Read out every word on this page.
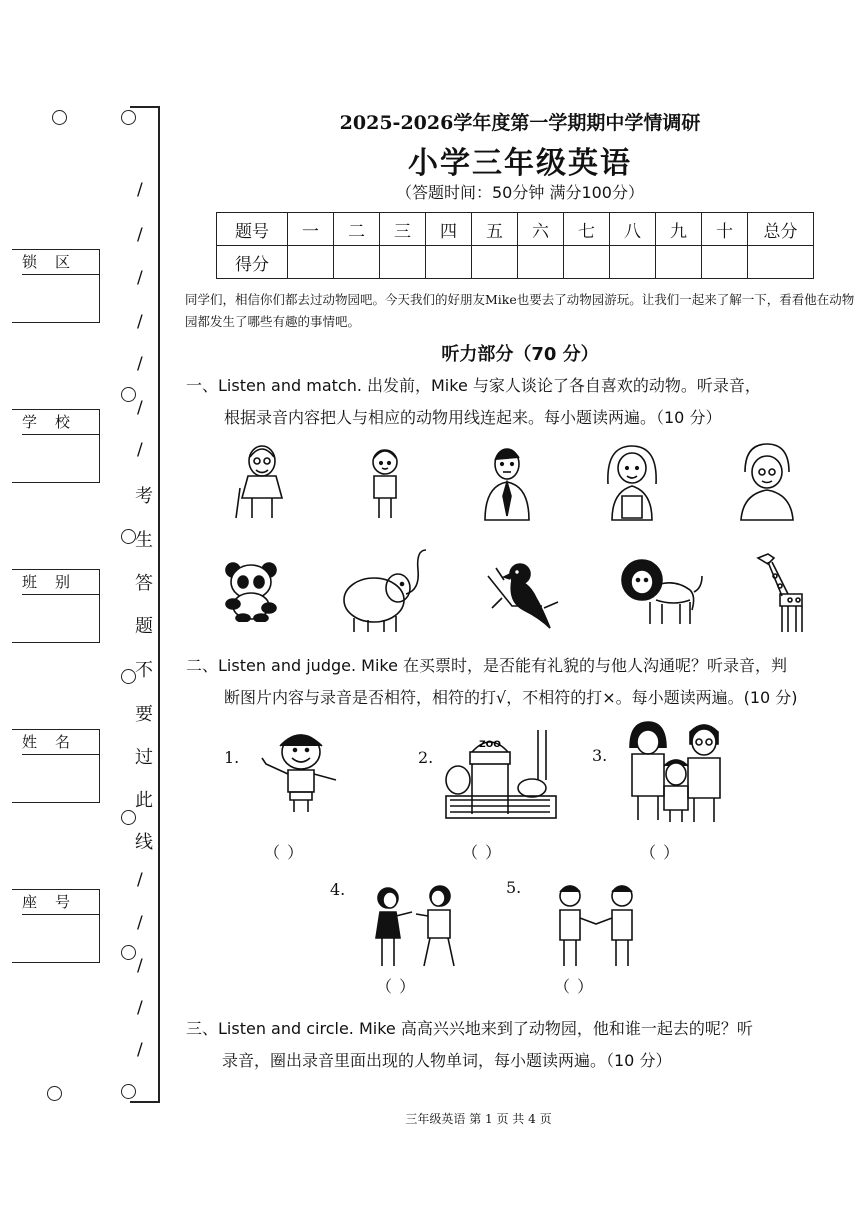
/
/
/
/
/
/
/
考
生
答
题
不
要
过
此
线
/
/
/
/
/
锁区
学校
班别
姓名
座号
2025-2026学年度第一学期期中学情调研
小学三年级英语
（答题时间：50分钟 满分100分）
题号	一	二	三	四	五	六	七	八	九	十	总分
得分											
同学们，相信你们都去过动物园吧。今天我们的好朋友Mike也要去了动物园游玩。让我们一起来了解一下，看看他在动物园都发生了哪些有趣的事情吧。
听力部分（70 分）
一、Listen and match. 出发前，Mike 与家人谈论了各自喜欢的动物。听录音，
根据录音内容把人与相应的动物用线连起来。每小题读两遍。（10 分）
二、Listen and judge. Mike 在买票时，是否能有礼貌的与他人沟通呢？听录音，判
断图片内容与录音是否相符，相符的打√，不相符的打×。每小题读两遍。(10 分)
1.
（ ）
2.
ZOO
（ ）
3.
（ ）
4.
（ ）
5.
（ ）
三、Listen and circle. Mike 高高兴兴地来到了动物园，他和谁一起去的呢？听
录音，圈出录音里面出现的人物单词，每小题读两遍。（10 分）
三年级英语 第 1 页 共 4 页
